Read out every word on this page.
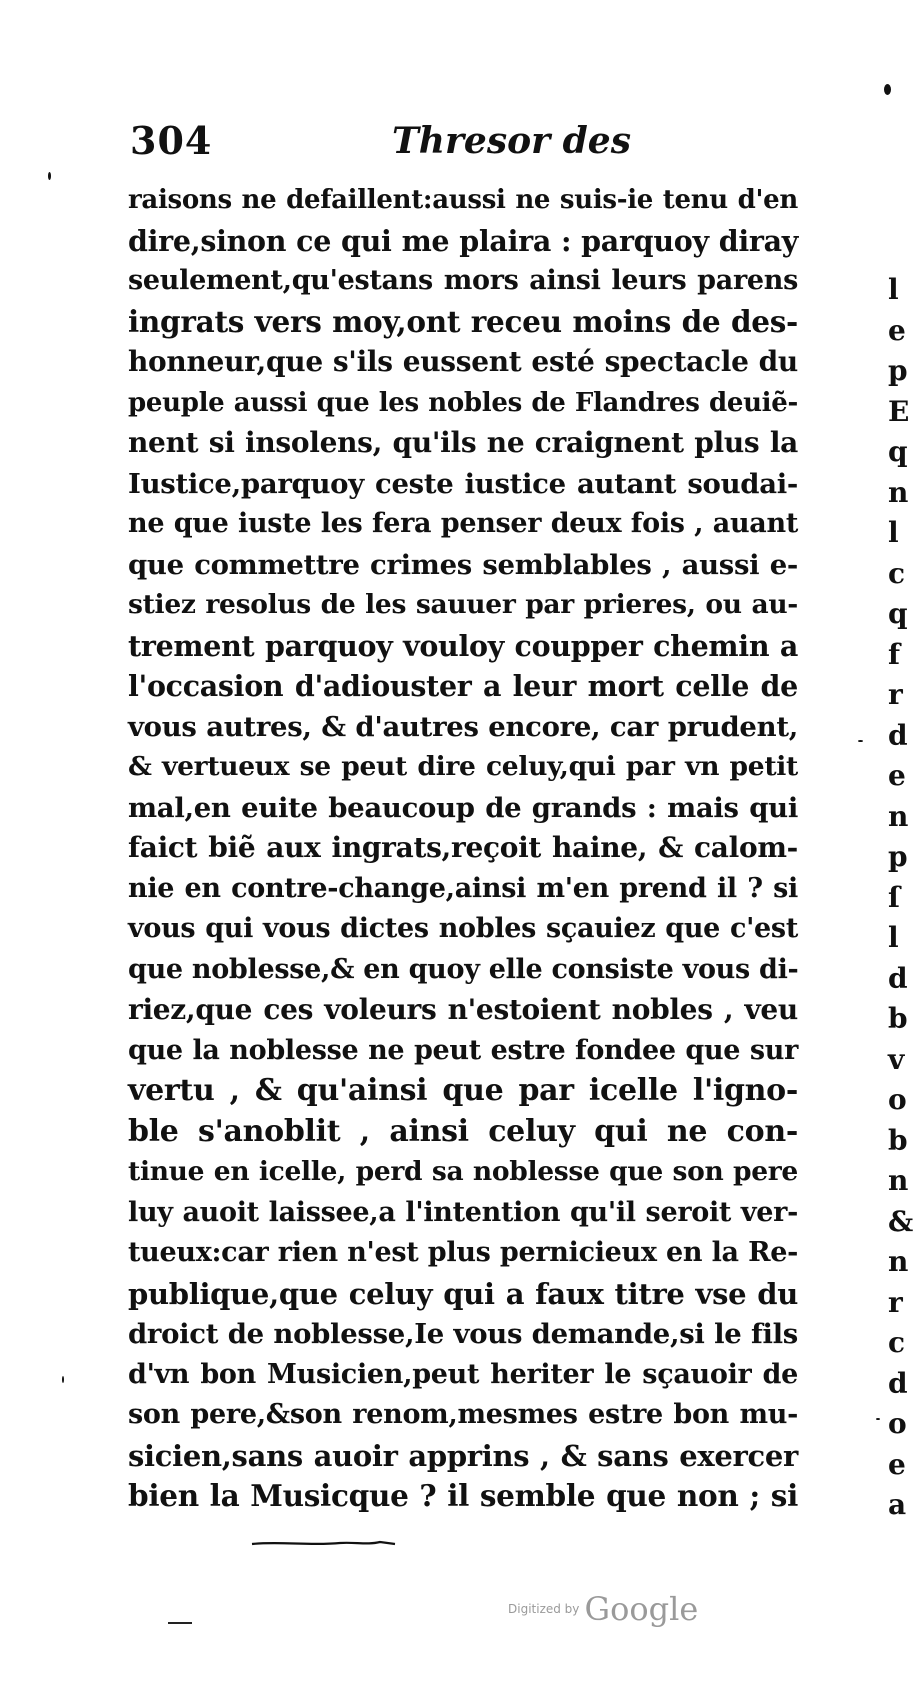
304	Thresor des
raisons ne defaillent:aussi ne suis-ie tenu d'en
dire,sinon ce qui me plaira : parquoy diray
seulement,qu'estans mors ainsi leurs parens
ingrats vers moy,ont receu moins de des-
honneur,que s'ils eussent esté spectacle du
peuple aussi que les nobles de Flandres deuiẽ-
nent si insolens, qu'ils ne craignent plus la
Iustice,parquoy ceste iustice autant soudai-
ne que iuste les fera penser deux fois , auant
que commettre crimes semblables , aussi e-
stiez resolus de les sauuer par prieres, ou au-
trement parquoy vouloy coupper chemin a
l'occasion d'adiouster a leur mort celle de
vous autres, & d'autres encore, car prudent,
& vertueux se peut dire celuy,qui par vn petit
mal,en euite beaucoup de grands : mais qui
faict biẽ aux ingrats,reçoit haine, & calom-
nie en contre-change,ainsi m'en prend il ? si
vous qui vous dictes nobles sçauiez que c'est
que noblesse,& en quoy elle consiste vous di-
riez,que ces voleurs n'estoient nobles , veu
que la noblesse ne peut estre fondee que sur
vertu , & qu'ainsi que par icelle l'igno-
ble s'anoblit , ainsi celuy qui ne con-
tinue en icelle, perd sa noblesse que son pere
luy auoit laissee,a l'intention qu'il seroit ver-
tueux:car rien n'est plus pernicieux en la Re-
publique,que celuy qui a faux titre vse du
droict de noblesse,Ie vous demande,si le fils
d'vn bon Musicien,peut heriter le sçauoir de
son pere,&son renom,mesmes estre bon mu-
sicien,sans auoir apprins , & sans exercer
bien la Musicque ? il semble que non ; si
l
e
p
E
q
n
l
c
q
f
r
d
e
n
p
ſ
l
d
b
v
o
b
n
&
n
r
c
d
o
e
a
Digitized by Google
